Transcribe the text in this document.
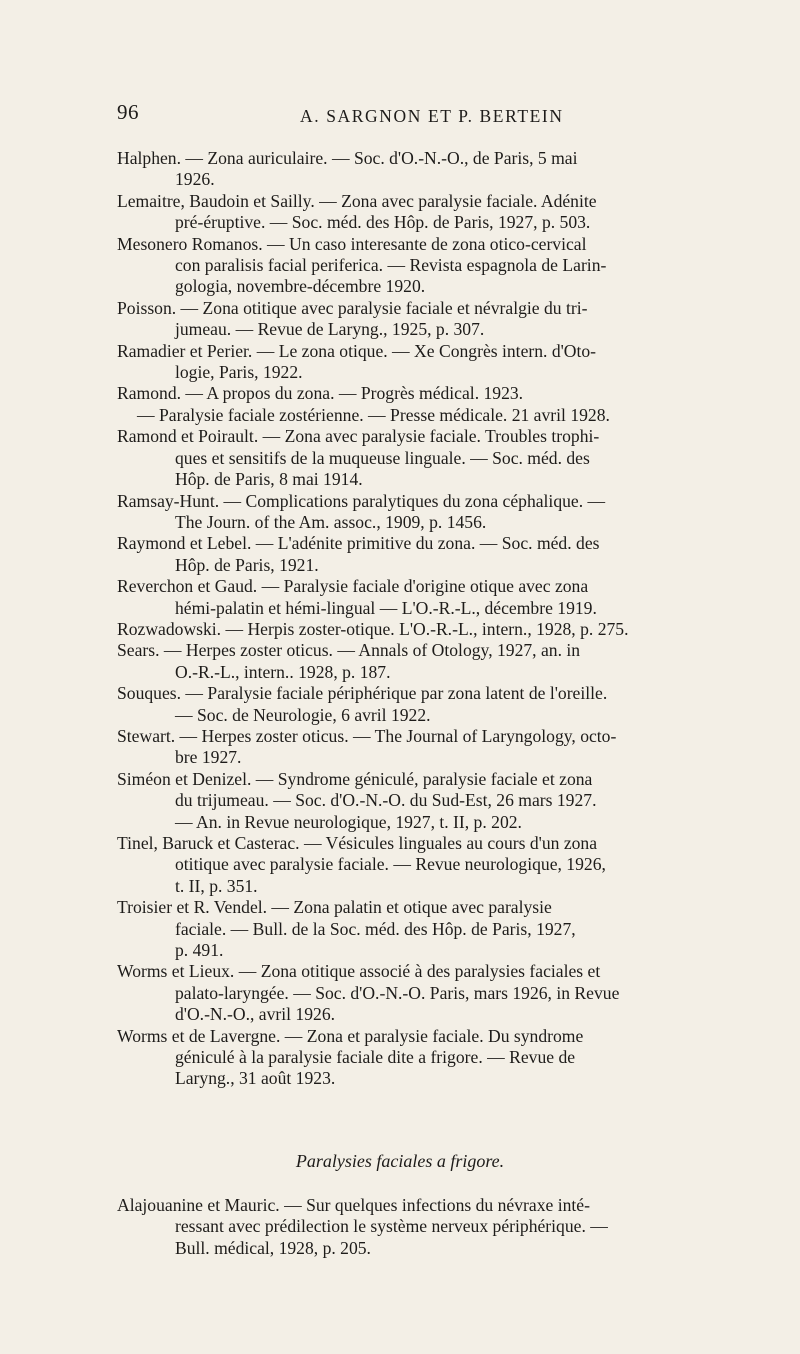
96	A. SARGNON ET P. BERTEIN

Halphen. — Zona auriculaire. — Soc. d'O.-N.-O., de Paris, 5 mai
1926.

Lemaitre, Baudoin et Sailly. — Zona avec paralysie faciale. Adénite
pré-éruptive. — Soc. méd. des Hôp. de Paris, 1927, p. 503.

Mesonero Romanos. — Un caso interesante de zona otico-cervical
con paralisis facial periferica. — Revista espagnola de Larin-
gologia, novembre-décembre 1920.

Poisson. — Zona otitique avec paralysie faciale et névralgie du tri-
jumeau. — Revue de Laryng., 1925, p. 307.

Ramadier et Perier. — Le zona otique. — Xe Congrès intern. d'Oto-
logie, Paris, 1922.

Ramond. — A propos du zona. — Progrès médical. 1923.

— Paralysie faciale zostérienne. — Presse médicale. 21 avril 1928.

Ramond et Poirault. — Zona avec paralysie faciale. Troubles trophi-
ques et sensitifs de la muqueuse linguale. — Soc. méd. des
Hôp. de Paris, 8 mai 1914.

Ramsay-Hunt. — Complications paralytiques du zona céphalique. —
The Journ. of the Am. assoc., 1909, p. 1456.

Raymond et Lebel. — L'adénite primitive du zona. — Soc. méd. des
Hôp. de Paris, 1921.

Reverchon et Gaud. — Paralysie faciale d'origine otique avec zona
hémi-palatin et hémi-lingual — L'O.-R.-L., décembre 1919.

Rozwadowski. — Herpis zoster-otique. L'O.-R.-L., intern., 1928, p. 275.

Sears. — Herpes zoster oticus. — Annals of Otology, 1927, an. in
O.-R.-L., intern.. 1928, p. 187.

Souques. — Paralysie faciale périphérique par zona latent de l'oreille.
— Soc. de Neurologie, 6 avril 1922.

Stewart. — Herpes zoster oticus. — The Journal of Laryngology, octo-
bre 1927.

Siméon et Denizel. — Syndrome géniculé, paralysie faciale et zona
du trijumeau. — Soc. d'O.-N.-O. du Sud-Est, 26 mars 1927.
— An. in Revue neurologique, 1927, t. II, p. 202.

Tinel, Baruck et Casterac. — Vésicules linguales au cours d'un zona
otitique avec paralysie faciale. — Revue neurologique, 1926,
t. II, p. 351.

Troisier et R. Vendel. — Zona palatin et otique avec paralysie
faciale. — Bull. de la Soc. méd. des Hôp. de Paris, 1927,
p. 491.

Worms et Lieux. — Zona otitique associé à des paralysies faciales et
palato-laryngée. — Soc. d'O.-N.-O. Paris, mars 1926, in Revue
d'O.-N.-O., avril 1926.

Worms et de Lavergne. — Zona et paralysie faciale. Du syndrome
géniculé à la paralysie faciale dite a frigore. — Revue de
Laryng., 31 août 1923.

Paralysies faciales a frigore.

Alajouanine et Mauric. — Sur quelques infections du névraxe inté-
ressant avec prédilection le système nerveux périphérique. —
Bull. médical, 1928, p. 205.
